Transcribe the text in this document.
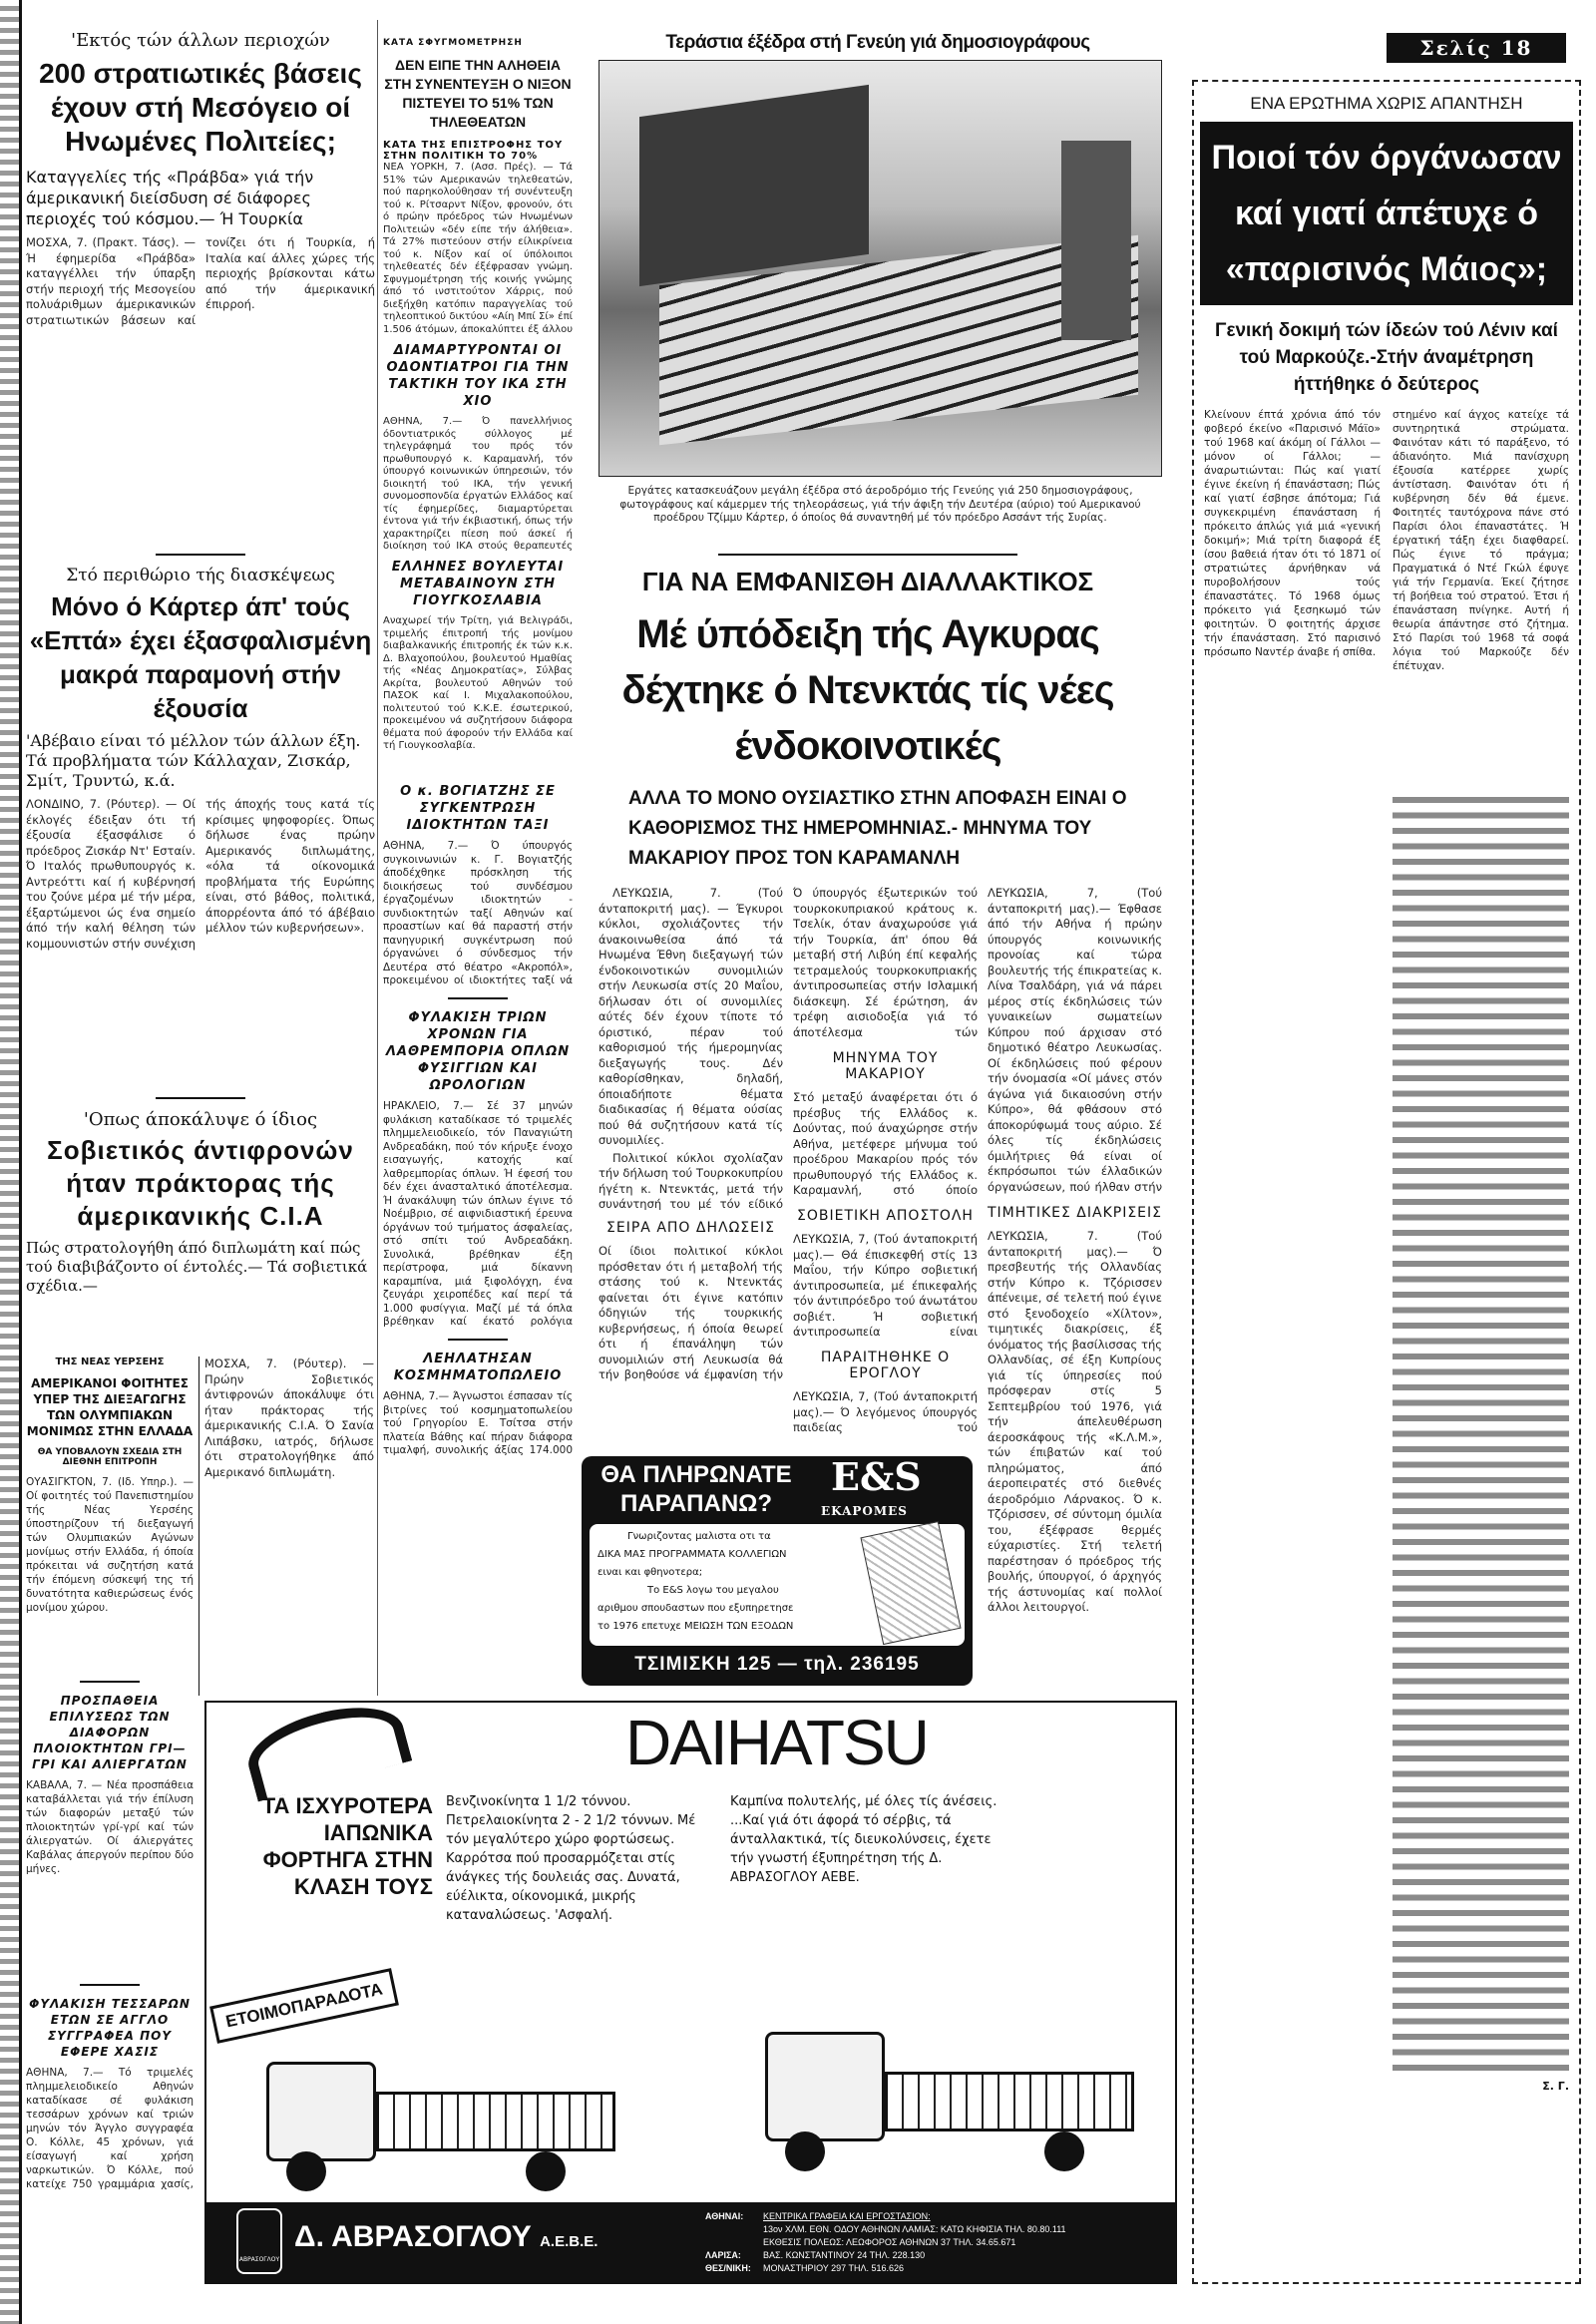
'Εκτός τών άλλων περιοχών
200 στρατιωτικές βάσεις έχουν στή Μεσόγειο οί Ηνωμένες Πολιτείες;
Καταγγελίες τής «Πράβδα» γιά τήν άμερικανική διείσδυση σέ διάφορες περιοχές τού κόσμου.— Ή Τουρκία
ΜΟΣΧΑ, 7. (Πρακτ. Τάσς). — Ή έφημερίδα «Πράβδα» καταγγέλλει τήν ύπαρξη στήν περιοχή τής Μεσογείου πολυάριθμων άμερικανικών στρατιωτικών βάσεων καί τονίζει ότι ή Τουρκία, ή Ιταλία καί άλλες χώρες τής περιοχής βρίσκονται κάτω από τήν άμερικανική έπιρροή.
Στό περιθώριο τής διασκέψεως
Μόνο ό Κάρτερ άπ' τούς «Επτά» έχει έξασφαλισμένη μακρά παραμονή στήν έξουσία
'Αβέβαιο είναι τό μέλλον τών άλλων έξη. Τά προβλήματα τών Κάλλαχαν, Ζισκάρ, Σμίτ, Τρυντώ, κ.ά.
ΛΟΝΔΙΝΟ, 7. (Ρόυτερ). — Οί έκλογές έδειξαν ότι τή έξουσία έξασφάλισε ό πρόεδρος Ζισκάρ Ντ' Εσταίν. Ό Ιταλός πρωθυπουργός κ. Αντρεόττι καί ή κυβέρνησή του ζούνε μέρα μέ τήν μέρα, έξαρτώμενοι ώς ένα σημείο άπό τήν καλή θέληση τών κομμουνιστών στήν συνέχιση τής άποχής τους κατά τίς κρίσιμες ψηφοφορίες. Όπως δήλωσε ένας πρώην Αμερικανός διπλωμάτης, «όλα τά οίκονομικά προβλήματα τής Ευρώπης είναι, στό βάθος, πολιτικά, άπορρέοντα άπό τό άβέβαιο μέλλον τών κυβερνήσεων».
'Οπως άποκάλυψε ό ίδιος
Σοβιετικός άντιφρονών ήταν πράκτορας τής άμερικανικής C.I.A
Πώς στρατολογήθη άπό διπλωμάτη καί πώς τού διαβιβάζοντο οί έντολές.— Τά σοβιετικά σχέδια.—
ΜΟΣΧΑ, 7. (Ρόυτερ). — Πρώην Σοβιετικός άντιφρονών άποκάλυψε ότι ήταν πράκτορας τής άμερικανικής C.I.A. Ό Σανία Λιπάβσκυ, ιατρός, δήλωσε ότι στρατολογήθηκε άπό Αμερικανό διπλωμάτη.
ΤΗΣ ΝΕΑΣ ΥΕΡΣΕΗΣ
ΑΜΕΡΙΚΑΝΟΙ ΦΟΙΤΗΤΕΣ ΥΠΕΡ ΤΗΣ ΔΙΕΞΑΓΩΓΗΣ ΤΩΝ ΟΛΥΜΠΙΑΚΩΝ ΜΟΝΙΜΩΣ ΣΤΗΝ ΕΛΛΑΔΑ
ΘΑ ΥΠΟΒΑΛΟΥΝ ΣΧΕΔΙΑ ΣΤΗ ΔΙΕΘΝΗ ΕΠΙΤΡΟΠΗ
ΟΥΑΣΙΓΚΤΟΝ, 7. (Ιδ. Υπηρ.). — Οί φοιτητές τού Πανεπιστημίου τής Νέας Υερσέης ύποστηρίζουν τή διεξαγωγή τών Ολυμπιακών Αγώνων μονίμως στήν Ελλάδα, ή όποία πρόκειται νά συζητήση κατά τήν έπόμενη σύσκεψή της τή δυνατότητα καθιερώσεως ένός μονίμου χώρου.
ΠΡΟΣΠΑΘΕΙΑ ΕΠΙΛΥΣΕΩΣ ΤΩΝ ΔΙΑΦΟΡΩΝ ΠΛΟΙΟΚΤΗΤΩΝ ΓΡΙ—ΓΡΙ ΚΑΙ ΑΛΙΕΡΓΑΤΩΝ
ΚΑΒΑΛΑ, 7. — Νέα προσπάθεια καταβάλλεται γιά τήν έπίλυση τών διαφορών μεταξύ τών πλοιοκτητών γρί-γρί καί τών άλιεργατών. Οί άλιεργάτες Καβάλας άπεργούν περίπου δύο μήνες.
ΦΥΛΑΚΙΣΗ ΤΕΣΣΑΡΩΝ ΕΤΩΝ ΣΕ ΑΓΓΛΟ ΣΥΓΓΡΑΦΕΑ ΠΟΥ ΕΦΕΡΕ ΧΑΣΙΣ
ΑΘΗΝΑ, 7.— Τό τριμελές πλημμελειοδικείο Αθηνών καταδίκασε σέ φυλάκιση τεσσάρων χρόνων καί τριών μηνών τόν Άγγλο συγγραφέα Ο. Κόλλε, 45 χρόνων, γιά είσαγωγή καί χρήση ναρκωτικών. Ό Κόλλε, πού κατείχε 750 γραμμάρια χασίς,
ΚΑΤΑ ΣΦΥΓΜΟΜΕΤΡΗΣΗ
ΔΕΝ ΕΙΠΕ ΤΗΝ ΑΛΗΘΕΙΑ ΣΤΗ ΣΥΝΕΝΤΕΥΞΗ Ο ΝΙΞΟΝ ΠΙΣΤΕΥΕΙ ΤΟ 51% ΤΩΝ ΤΗΛΕΘΕΑΤΩΝ
ΚΑΤΑ ΤΗΣ ΕΠΙΣΤΡΟΦΗΣ ΤΟΥ ΣΤΗΝ ΠΟΛΙΤΙΚΗ ΤΟ 70%
ΝΕΑ ΥΟΡΚΗ, 7. (Ασσ. Πρές). — Τά 51% τών Αμερικανών τηλεθεατών, πού παρηκολούθησαν τή συνέντευξη τού κ. Ρίτσαρντ Νίξον, φρονούν, ότι ό πρώην πρόεδρος τών Ηνωμένων Πολιτειών «δέν είπε τήν άλήθεια». Τά 27% πιστεύουν στήν είλικρίνεια τού κ. Νίξον καί οί ύπόλοιποι τηλεθεατές δέν έξέφρασαν γνώμη. Σφυγμομέτρηση τής κοινής γνώμης άπό τό ινστιτούτον Χάρρις, πού διεξήχθη κατόπιν παραγγελίας τού τηλεοπτικού δικτύου «Αίη Μπί Σί» έπί 1.506 άτόμων, άποκαλύπτει έξ άλλου
ΔΙΑΜΑΡΤΥΡΟΝΤΑΙ ΟΙ ΟΔΟΝΤΙΑΤΡΟΙ ΓΙΑ ΤΗΝ ΤΑΚΤΙΚΗ ΤΟΥ ΙΚΑ ΣΤΗ ΧΙΟ
ΑΘΗΝΑ, 7.— Ό πανελλήνιος όδοντιατρικός σύλλογος μέ τηλεγράφημά του πρός τόν πρωθυπουργό κ. Καραμανλή, τόν ύπουργό κοινωνικών ύπηρεσιών, τόν διοικητή τού ΙΚΑ, τήν γενική συνομοσπονδία έργατών Ελλάδος καί τίς έφημερίδες, διαμαρτύρεται έντονα γιά τήν έκβιαστική, όπως τήν χαρακτηρίζει πίεση πού άσκεί ή διοίκηση τού ΙΚΑ στούς θεραπευτές
ΕΛΛΗΝΕΣ ΒΟΥΛΕΥΤΑΙ ΜΕΤΑΒΑΙΝΟΥΝ ΣΤΗ ΓΙΟΥΓΚΟΣΛΑΒΙΑ
Αναχωρεί τήν Τρίτη, γιά Βελιγράδι, τριμελής έπιτροπή τής μονίμου διαβαλκανικής έπιτροπής έκ τών κ.κ. Δ. Βλαχοπούλου, βουλευτού Ημαθίας τής «Νέας Δημοκρατίας», Σύλβας Ακρίτα, βουλευτού Αθηνών τού ΠΑΣΟΚ καί Ι. Μιχαλακοπούλου, πολιτευτού τού Κ.Κ.Ε. έσωτερικού, προκειμένου νά συζητήσουν διάφορα θέματα πού άφορούν τήν Ελλάδα καί τή Γιουγκοσλαβία.
Ο κ. ΒΟΓΙΑΤΖΗΣ ΣΕ ΣΥΓΚΕΝΤΡΩΣΗ ΙΔΙΟΚΤΗΤΩΝ ΤΑΞΙ
ΑΘΗΝΑ, 7.— Ό ύπουργός συγκοινωνιών κ. Γ. Βογιατζής άποδέχθηκε πρόσκληση τής διοικήσεως τού συνδέσμου έργαζομένων ιδιοκτητών - συνδιοκτητών ταξί Αθηνών καί προαστίων καί θά παραστή στήν πανηγυρική συγκέντρωση πού όργανώνει ό σύνδεσμος τήν Δευτέρα στό θέατρο «Ακροπόλ», προκειμένου οί ιδιοκτήτες ταξί νά
ΦΥΛΑΚΙΣΗ ΤΡΙΩΝ ΧΡΟΝΩΝ ΓΙΑ ΛΑΘΡΕΜΠΟΡΙΑ ΟΠΛΩΝ ΦΥΣΙΓΓΙΩΝ ΚΑΙ ΩΡΟΛΟΓΙΩΝ
ΗΡΑΚΛΕΙΟ, 7.— Σέ 37 μηνών φυλάκιση καταδίκασε τό τριμελές πλημμελειοδικείο, τόν Παναγιώτη Ανδρεαδάκη, πού τόν κήρυξε ένοχο εισαγωγής, κατοχής καί λαθρεμπορίας όπλων. Ή έφεσή του δέν έχει άνασταλτικό άποτέλεσμα. Ή άνακάλυψη τών όπλων έγινε τό Νοέμβριο, σέ αιφνιδιαστική έρευνα όργάνων τού τμήματος άσφαλείας, στό σπίτι τού Ανδρεαδάκη. Συνολικά, βρέθηκαν έξη περίστροφα, μιά δίκαννη καραμπίνα, μιά ξιφολόγχη, ένα ζευγάρι χειροπέδες καί περί τά 1.000 φυσίγγια. Μαζί μέ τά όπλα βρέθηκαν καί έκατό ρολόγια
ΛΕΗΛΑΤΗΣΑΝ ΚΟΣΜΗΜΑΤΟΠΩΛΕΙΟ
ΑΘΗΝΑ, 7.— Άγνωστοι έσπασαν τίς βιτρίνες τού κοσμηματοπωλείου τού Γρηγορίου Ε. Τσίτσα στήν πλατεία Βάθης καί πήραν διάφορα τιμαλφή, συνολικής άξίας 174.000
Τεράστια έξέδρα στή Γενεύη γιά δημοσιογράφους
Εργάτες κατασκευάζουν μεγάλη έξέδρα στό άεροδρόμιο τής Γενεύης γιά 250 δημοσιογράφους, φωτογράφους καί κάμερμεν τής τηλεοράσεως, γιά τήν άφιξη τήν Δευτέρα (αύριο) τού Αμερικανού προέδρου Τζίμμυ Κάρτερ, ό όποίος θά συναντηθή μέ τόν πρόεδρο Ασσάντ τής Συρίας.
ΓΙΑ ΝΑ ΕΜΦΑΝΙΣΘΗ ΔΙΑΛΛΑΚΤΙΚΟΣ
Μέ ύπόδειξη τής Αγκυρας δέχτηκε ό Ντενκτάς τίς νέες ένδοκοινοτικές
ΑΛΛΑ ΤΟ ΜΟΝΟ ΟΥΣΙΑΣΤΙΚΟ ΣΤΗΝ ΑΠΟΦΑΣΗ ΕΙΝΑΙ Ο ΚΑΘΟΡΙΣΜΟΣ ΤΗΣ ΗΜΕΡΟΜΗΝΙΑΣ.- ΜΗΝΥΜΑ ΤΟΥ ΜΑΚΑΡΙΟΥ ΠΡΟΣ ΤΟΝ ΚΑΡΑΜΑΝΛΗ

ΛΕΥΚΩΣΙΑ, 7. (Τού άνταποκριτή μας). — Έγκυροι κύκλοι, σχολιάζοντες τήν άνακοινωθείσα άπό τά Ηνωμένα Έθνη διεξαγωγή τών ένδοκοινοτικών συνομιλιών στήν Λευκωσία στίς 20 Μαΐου, δήλωσαν ότι οί συνομιλίες αύτές δέν έχουν τίποτε τό όριστικό, πέραν τού καθορισμού τής ήμερομηνίας διεξαγωγής τους. Δέν καθορίσθηκαν, δηλαδή, όποιαδήποτε θέματα διαδικασίας ή θέματα ούσίας πού θά συζητήσουν κατά τίς συνομιλίες.

Πολιτικοί κύκλοι σχολίαζαν τήν δήλωση τού Τουρκοκυπρίου ήγέτη κ. Ντενκτάς, μετά τήν συνάντησή του μέ τόν είδικό

ΣΕΙΡΑ ΑΠΟ ΔΗΛΩΣΕΙΣ
Οί ίδιοι πολιτικοί κύκλοι πρόσθεταν ότι ή μεταβολή τής στάσης τού κ. Ντενκτάς φαίνεται ότι έγινε κατόπιν όδηγιών τής τουρκικής κυβερνήσεως, ή όποία θεωρεί ότι ή έπανάληψη τών συνομιλιών στή Λευκωσία θά τήν βοηθούσε νά έμφανίση τήν
Ό ύπουργός έξωτερικών τού τουρκοκυπριακού κράτους κ. Τσελίκ, όταν άναχωρούσε γιά τήν Τουρκία, άπ' όπου θά μεταβή στή Λιβύη έπί κεφαλής τετραμελούς τουρκοκυπριακής άντιπροσωπείας στήν Ισλαμική διάσκεψη. Σέ έρώτηση, άν τρέφη αισιοδοξία γιά τό άποτέλεσμα τών
ΜΗΝΥΜΑ ΤΟΥ ΜΑΚΑΡΙΟΥ
Στό μεταξύ άναφέρεται ότι ό πρέσβυς τής Ελλάδος κ. Δούντας, πού άναχώρησε στήν Αθήνα, μετέφερε μήνυμα τού προέδρου Μακαρίου πρός τόν πρωθυπουργό τής Ελλάδος κ. Καραμανλή, στό όποίο
ΣΟΒΙΕΤΙΚΗ ΑΠΟΣΤΟΛΗ
ΛΕΥΚΩΣΙΑ, 7, (Τού άνταποκριτή μας).— Θά έπισκεφθή στίς 13 Μαΐου, τήν Κύπρο σοβιετική άντιπροσωπεία, μέ έπικεφαλής τόν άντιπρόεδρο τού άνωτάτου σοβιέτ. Ή σοβιετική άντιπροσωπεία είναι
ΠΑΡΑΙΤΗΘΗΚΕ Ο ΕΡΟΓΛΟΥ
ΛΕΥΚΩΣΙΑ, 7, (Τού άνταποκριτή μας).— Ό λεγόμενος ύπουργός παιδείας τού
ΛΕΥΚΩΣΙΑ, 7, (Τού άνταποκριτή μας).— Έφθασε άπό τήν Αθήνα ή πρώην ύπουργός κοινωνικής προνοίας καί τώρα βουλευτής τής έπικρατείας κ. Λίνα Τσαλδάρη, γιά νά πάρει μέρος στίς έκδηλώσεις τών γυναικείων σωματείων Κύπρου πού άρχισαν στό δημοτικό θέατρο Λευκωσίας. Οί έκδηλώσεις πού φέρουν τήν όνομασία «Οί μάνες στόν άγώνα γιά δικαιοσύνη στήν Κύπρο», θά φθάσουν στό άποκορύφωμά τους αύριο. Σέ όλες τίς έκδηλώσεις όμιλήτριες θά είναι οί έκπρόσωποι τών έλλαδικών όργανώσεων, πού ήλθαν στήν
ΤΙΜΗΤΙΚΕΣ ΔΙΑΚΡΙΣΕΙΣ
ΛΕΥΚΩΣΙΑ, 7. (Τού άνταποκριτή μας).— Ό πρεσβευτής τής Ολλανδίας στήν Κύπρο κ. Τζόρισσεν άπένειμε, σέ τελετή πού έγινε στό ξενοδοχείο «Χίλτον», τιμητικές διακρίσεις, έξ όνόματος τής βασίλισσας τής Ολλανδίας, σέ έξη Κυπρίους γιά τίς ύπηρεσίες πού πρόσφεραν στίς 5 Σεπτεμβρίου τού 1976, γιά τήν άπελευθέρωση άεροσκάφους τής «Κ.Λ.Μ.», τών έπιβατών καί τού πληρώματος, άπό άεροπειρατές στό διεθνές άεροδρόμιο Λάρνακος. Ό κ. Τζόρισσεν, σέ σύντομη όμιλία του, έξέφρασε θερμές εύχαριστίες. Στή τελετή παρέστησαν ό πρόεδρος τής βουλής, ύπουργοί, ό άρχηγός τής άστυνομίας καί πολλοί άλλοι λειτουργοί.
ΘΑ ΠΛΗΡΩΝΑΤΕ ΠΑΡΑΠΑΝΩ?
E&S
EKAPOMES
Γνωριζοντας μαλιστα οτι τα
ΔΙΚΑ ΜΑΣ ΠΡΟΓΡΑΜΜΑΤΑ ΚΟΛΛΕΓΙΩΝ
ειναι και φθηνοτερα;
Το E&S λογω του μεγαλου
αριθμου σπουδαστων που εξυπηρετησε
το 1976 επετυχε ΜΕΙΩΣΗ ΤΩΝ ΕΞΟΔΩΝ
ΤΣΙΜΙΣΚΗ 125 — τηλ. 236195
Σελίς 18
ΕΝΑ ΕΡΩΤΗΜΑ ΧΩΡΙΣ ΑΠΑΝΤΗΣΗ
Ποιοί τόν όργάνωσαν καί γιατί άπέτυχε ό «παρισινός Μάιος»;
Γενική δοκιμή τών ίδεών τού Λένιν καί τού Μαρκούζε.-Στήν άναμέτρηση ήττήθηκε ό δεύτερος
Κλείνουν έπτά χρόνια άπό τόν φοβερό έκείνο «Παρισινό Μάϊο» τού 1968 καί άκόμη οί Γάλλοι — μόνον οί Γάλλοι; — άναρωτιώνται: Πώς καί γιατί έγινε έκείνη ή έπανάσταση; Πώς καί γιατί έσβησε άπότομα; Γιά συγκεκριμένη έπανάσταση ή πρόκειτο άπλώς γιά μιά «γενική δοκιμή»; Μιά τρίτη διαφορά έξ ίσου βαθειά ήταν ότι τό 1871 οί στρατιώτες άρνήθηκαν νά πυροβολήσουν τούς έπαναστάτες. Τό 1968 όμως πρόκειτο γιά ξεσηκωμό τών φοιτητών. Ό φοιτητής άρχισε τήν έπανάσταση. Στό παρισινό πρόσωπο Ναντέρ άναβε ή σπίθα.
στημένο καί άγχος κατείχε τά συντηρητικά στρώματα. Φαινόταν κάτι τό παράξενο, τό άδιανόητο. Μιά πανίσχυρη έξουσία κατέρρεε χωρίς άντίσταση. Φαινόταν ότι ή κυβέρνηση δέν θά έμενε. Φοιτητές ταυτόχρονα πάνε στό Παρίσι όλοι έπαναστάτες. Ή έργατική τάξη έχει διαφθαρεί. Πώς έγινε τό πράγμα; Πραγματικά ό Ντέ Γκώλ έφυγε γιά τήν Γερμανία. Έκεί ζήτησε τή βοήθεια τού στρατού. Έτσι ή έπανάσταση πνίγηκε. Αυτή ή θεωρία άπάντησε στό ζήτημα. Στό Παρίσι τού 1968 τά σοφά λόγια τού Μαρκούζε δέν έπέτυχαν.
Σ. Γ.
DAIHATSU
ΤΑ ΙΣΧΥΡΟΤΕΡΑ ΙΑΠΩΝΙΚΑ ΦΟΡΤΗΓΑ ΣΤΗΝ ΚΛΑΣΗ ΤΟΥΣ
Βενζινοκίνητα 1 1/2 τόννου. Πετρελαιοκίνητα 2 - 2 1/2 τόννων. Μέ τόν μεγαλύτερο χώρο φορτώσεως. Καρρότσα πού προσαρμόζεται στίς άνάγκες τής δουλειάς σας. Δυνατά, εύέλικτα, οίκονομικά, μικρής καταναλώσεως. 'Ασφαλή.
Καμπίνα πολυτελής, μέ όλες τίς άνέσεις. ...Καί γιά ότι άφορά τό σέρβις, τά άνταλλακτικά, τίς διευκολύνσεις, έχετε τήν γνωστή έξυπηρέτηση τής Δ. ΑΒΡΑΣΟΓΛΟΥ ΑΕΒΕ.
ΕΤΟΙΜΟΠΑΡΑΔΟΤΑ
ΑΒΡΑΣΟΓΛΟΥ
Δ. ΑΒΡΑΣΟΓΛΟΥ Α.Ε.Β.Ε.
ΑΘΗΝΑΙ: ΚΕΝΤΡΙΚΑ ΓΡΑΦΕΙΑ ΚΑΙ ΕΡΓΟΣΤΑΣΙΟΝ:
13ον ΧΛΜ. ΕΘΝ. ΟΔΟΥ ΑΘΗΝΩΝ ΛΑΜΙΑΣ: ΚΑΤΩ ΚΗΦΙΣΙΑ ΤΗΛ. 80.80.111
ΕΚΘΕΣΙΣ ΠΟΛΕΩΣ: ΛΕΩΦΟΡΟΣ ΑΘΗΝΩΝ 37 ΤΗΛ. 34.65.671
ΛΑΡΙΣΑ: ΒΑΣ. ΚΩΝΣΤΑΝΤΙΝΟΥ 24 ΤΗΛ. 228.130
ΘΕΣ/ΝΙΚΗ: ΜΟΝΑΣΤΗΡΙΟΥ 297 ΤΗΛ. 516.626
